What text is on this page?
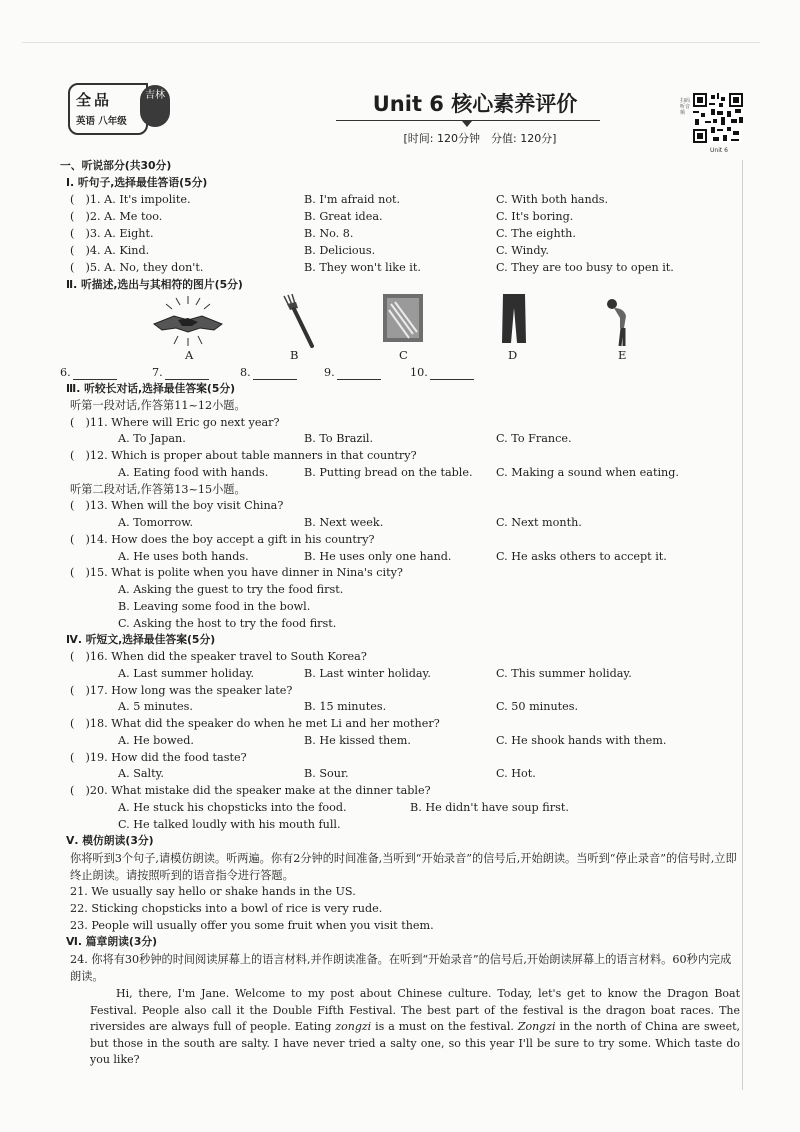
全品
英语 八年级
吉林	Unit 6 核心素养评价
[时间: 120分钟　分值: 120分]
扫码听音频
Unit 6
一、听说部分(共30分)
Ⅰ. 听句子,选择最佳答语(5分)
(　)1. A. It's impolite.	B. I'm afraid not.	C. With both hands.
(　)2. A. Me too.	B. Great idea.	C. It's boring.
(　)3. A. Eight.	B. No. 8.	C. The eighth.
(　)4. A. Kind.	B. Delicious.	C. Windy.
(　)5. A. No, they don't.	B. They won't like it.	C. They are too busy to open it.
Ⅱ. 听描述,选出与其相符的图片(5分)
A	B	C	D	E
6.	7.	8.	9.	10.
Ⅲ. 听较长对话,选择最佳答案(5分)
听第一段对话,作答第11~12小题。
(　)11. Where will Eric go next year?
A. To Japan.	B. To Brazil.	C. To France.
(　)12. Which is proper about table manners in that country?
A. Eating food with hands.	B. Putting bread on the table. C. Making a sound when eating.
听第二段对话,作答第13~15小题。
(　)13. When will the boy visit China?
A. Tomorrow.	B. Next week.	C. Next month.
(　)14. How does the boy accept a gift in his country?
A. He uses both hands.	B. He uses only one hand.	C. He asks others to accept it.
(　)15. What is polite when you have dinner in Nina's city?
A. Asking the guest to try the food first.
B. Leaving some food in the bowl.
C. Asking the host to try the food first.
Ⅳ. 听短文,选择最佳答案(5分)
(　)16. When did the speaker travel to South Korea?
A. Last summer holiday.	B. Last winter holiday.	C. This summer holiday.
(　)17. How long was the speaker late?
A. 5 minutes.	B. 15 minutes.	C. 50 minutes.
(　)18. What did the speaker do when he met Li and her mother?
A. He bowed.	B. He kissed them.	C. He shook hands with them.
(　)19. How did the food taste?
A. Salty.	B. Sour.	C. Hot.
(　)20. What mistake did the speaker make at the dinner table?
A. He stuck his chopsticks into the food.	B. He didn't have soup first.
C. He talked loudly with his mouth full.
Ⅴ. 模仿朗读(3分)
你将听到3个句子,请模仿朗读。听两遍。你有2分钟的时间准备,当听到“开始录音”的信号后,开始朗读。当听到“停止录音”的信号时,立即终止朗读。请按照听到的语音指令进行答题。
21. We usually say hello or shake hands in the US.
22. Sticking chopsticks into a bowl of rice is very rude.
23. People will usually offer you some fruit when you visit them.
Ⅵ. 篇章朗读(3分)
24. 你将有30秒钟的时间阅读屏幕上的语言材料,并作朗读准备。在听到“开始录音”的信号后,开始朗读屏幕上的语言材料。60秒内完成朗读。
Hi, there, I'm Jane. Welcome to my post about Chinese culture. Today, let's get to know the Dragon Boat Festival. People also call it the Double Fifth Festival. The best part of the festival is the dragon boat races. The riversides are always full of people. Eating zongzi is a must on the festival. Zongzi in the north of China are sweet, but those in the south are salty. I have never tried a salty one, so this year I'll be sure to try some. Which taste do you like?
